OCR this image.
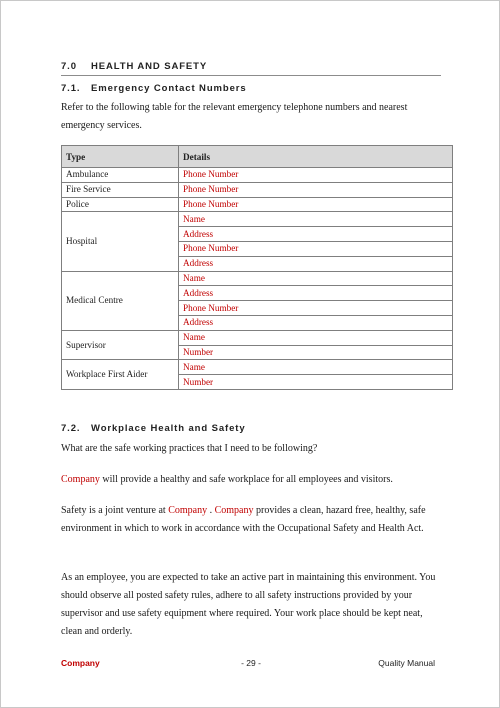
7.0 HEALTH AND SAFETY
7.1. Emergency Contact Numbers
Refer to the following table for the relevant emergency telephone numbers and nearest emergency services.
Type	Details
Ambulance	Phone Number
Fire Service	Phone Number
Police	Phone Number
Hospital	Name
	Address
	Phone Number
	Address
Medical Centre	Name
	Address
	Phone Number
	Address
Supervisor	Name
	Number
Workplace First Aider	Name
	Number
7.2. Workplace Health and Safety
What are the safe working practices that I need to be following?
Company will provide a healthy and safe workplace for all employees and visitors.
Safety is a joint venture at Company . Company provides a clean, hazard free, healthy, safe environment in which to work in accordance with the Occupational Safety and Health Act.
As an employee, you are expected to take an active part in maintaining this environment. You should observe all posted safety rules, adhere to all safety instructions provided by your supervisor and use safety equipment where required. Your work place should be kept neat, clean and orderly.
Company	- 29 -	Quality Manual
